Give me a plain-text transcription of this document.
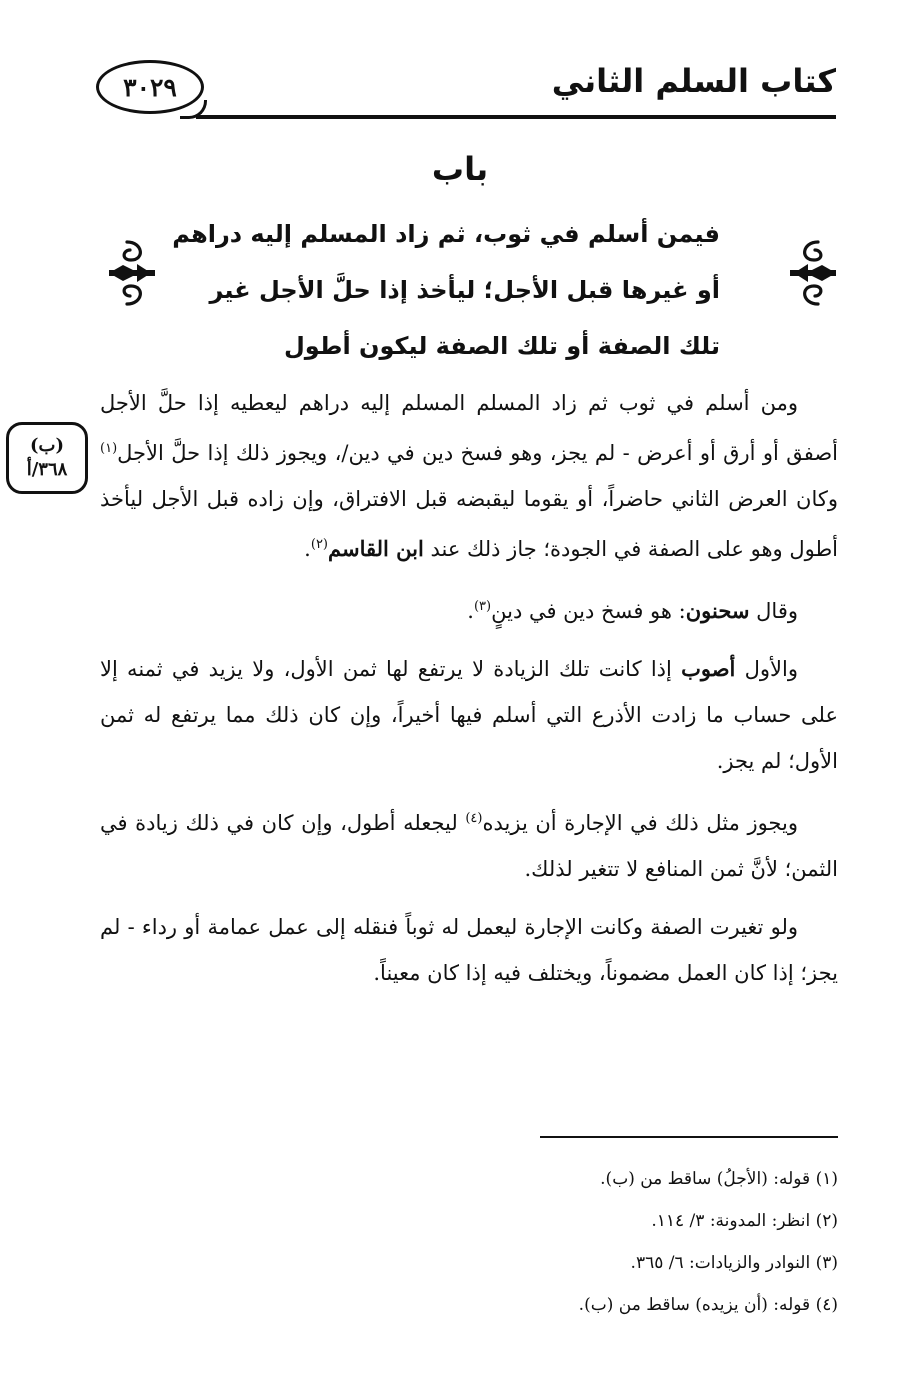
كتاب السلم الثاني
٣٠٢٩
باب
فيمن أسلم في ثوب، ثم زاد المسلم إليه دراهم
أو غيرها قبل الأجل؛ ليأخذ إذا حلَّ الأجل غير
تلك الصفة أو تلك الصفة ليكون أطول
(ب)
٣٦٨/أ

ومن أسلم في ثوب ثم زاد المسلم المسلم إليه دراهم ليعطيه إذا حلَّ الأجل أصفق أو أرق أو أعرض - لم يجز، وهو فسخ دين في دين/، ويجوز ذلك إذا حلَّ الأجل$^{(١)}$ وكان العرض الثاني حاضراً، أو يقوما ليقبضه قبل الافتراق، وإن زاده قبل الأجل ليأخذ أطول وهو على الصفة في الجودة؛ جاز ذلك عند ابن القاسم$^{(٢)}$.

وقال سحنون: هو فسخ دين في دينٍ$^{(٣)}$.

والأول أصوب إذا كانت تلك الزيادة لا يرتفع لها ثمن الأول، ولا يزيد في ثمنه إلا على حساب ما زادت الأذرع التي أسلم فيها أخيراً، وإن كان ذلك مما يرتفع له ثمن الأول؛ لم يجز.

ويجوز مثل ذلك في الإجارة أن يزيده$^{(٤)}$ ليجعله أطول، وإن كان في ذلك زيادة في الثمن؛ لأنَّ ثمن المنافع لا تتغير لذلك.

ولو تغيرت الصفة وكانت الإجارة ليعمل له ثوباً فنقله إلى عمل عمامة أو رداء - لم يجز؛ إذا كان العمل مضموناً، ويختلف فيه إذا كان معيناً.

(١) قوله: (الأجلُ) ساقط من (ب).
(٢) انظر: المدونة: ٣/ ١١٤.
(٣) النوادر والزيادات: ٦/ ٣٦٥.
(٤) قوله: (أن يزيده) ساقط من (ب).
